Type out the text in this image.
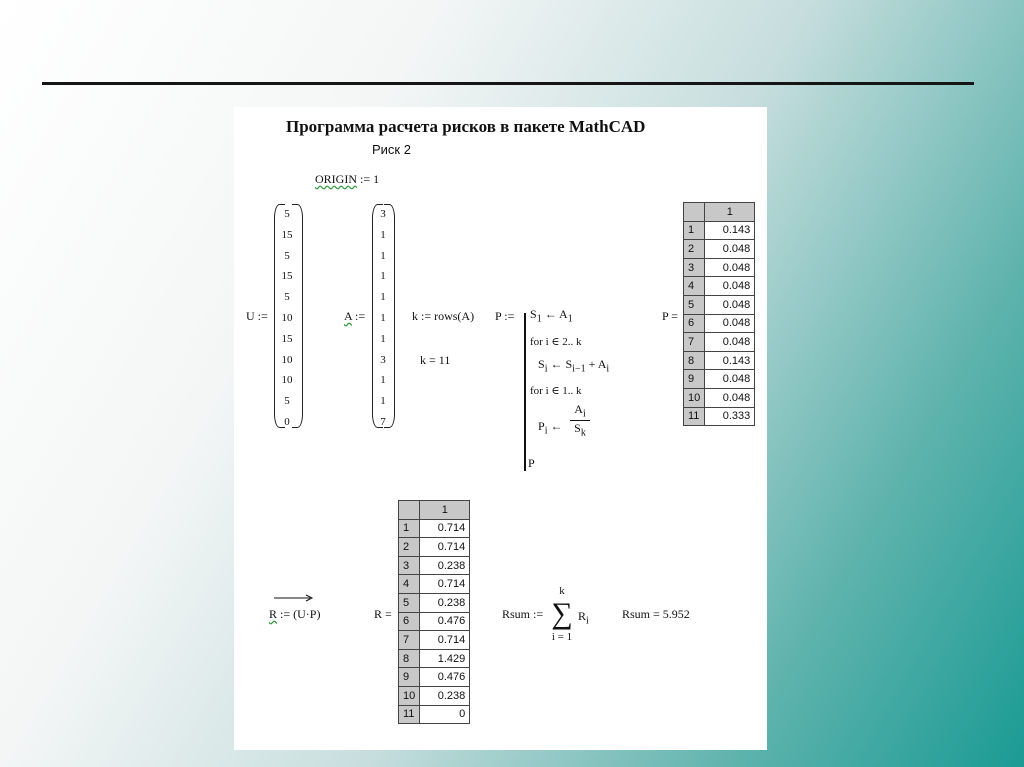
Программа расчета рисков в пакете MathCAD
Риск 2
ORIGIN := 1
U :=
5
15
5
15
5
10
15
10
10
5
0
A :=
3
1
1
1
1
1
1
3
1
1
7
k := rows(A)
k = 11
P := $S_1$ ← $A_1$
for i ∈ 2.. k
$S_i$ ← $S_{i-1} + A_i$
for i ∈ 1.. k
$P_i$ ←
$A_i$
$S_k$
P
P =
	1
1	0.143
2	0.048
3	0.048
4	0.048
5	0.048
6	0.048
7	0.048
8	0.143
9	0.048
10	0.048
11	0.333
R := (U·P)	R =
	1
1	0.714
2	0.714
3	0.238
4	0.714
5	0.238
6	0.476
7	0.714
8	1.429
9	0.476
10	0.238
11	0
Rsum :=
k
∑
i = 1
$R_i$	Rsum = 5.952
